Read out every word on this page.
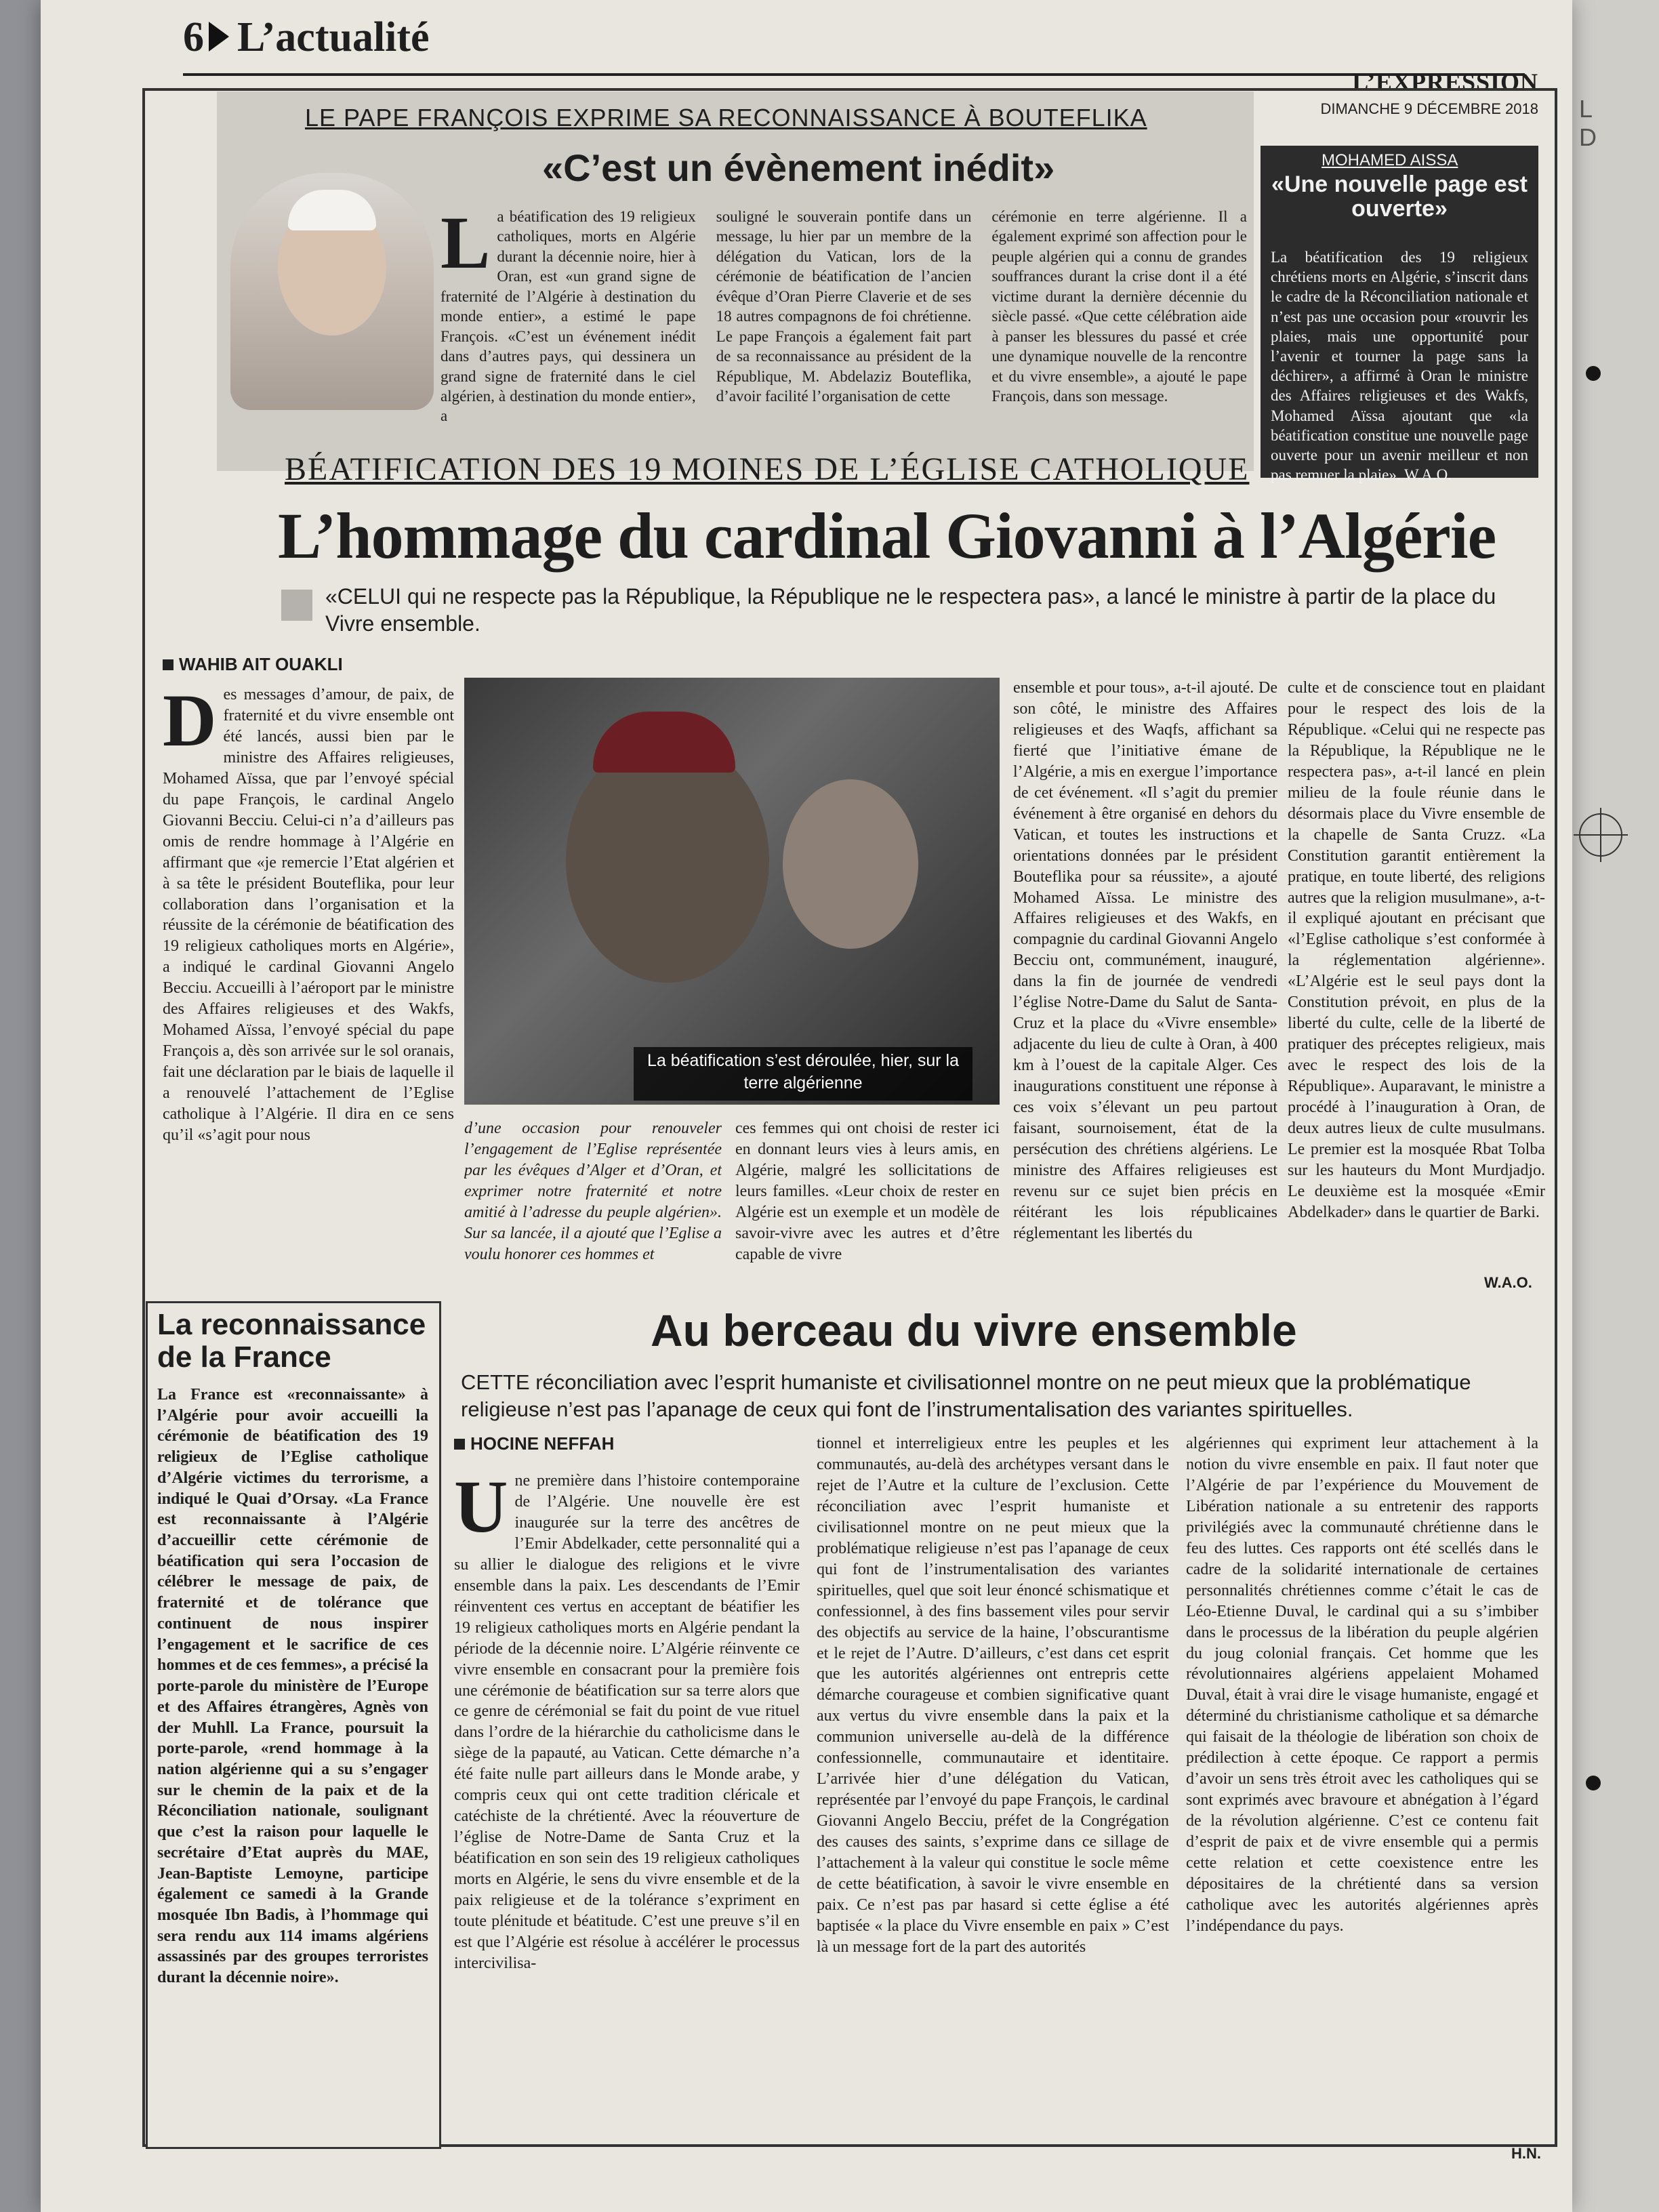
L
D
6 L’actualité
L’EXPRESSION
DIMANCHE 9 DÉCEMBRE 2018
LE PAPE FRANÇOIS EXPRIME SA RECONNAISSANCE À BOUTEFLIKA
«C’est un évènement inédit»
La béatification des 19 religieux catholiques, morts en Algérie durant la décennie noire, hier à Oran, est «un grand signe de fraternité de l’Algérie à destination du monde entier», a estimé le pape François. «C’est un événement inédit dans d’autres pays, qui dessinera un grand signe de fraternité dans le ciel algérien, à destination du monde entier», a
souligné le souverain pontife dans un message, lu hier par un membre de la délégation du Vatican, lors de la cérémonie de béatification de l’ancien évêque d’Oran Pierre Claverie et de ses 18 autres compagnons de foi chrétienne. Le pape François a également fait part de sa reconnaissance au président de la République, M. Abdelaziz Bouteflika, d’avoir facilité l’organisation de cette
cérémonie en terre algérienne. Il a également exprimé son affection pour le peuple algérien qui a connu de grandes souffrances durant la crise dont il a été victime durant la dernière décennie du siècle passé. «Que cette célébration aide à panser les blessures du passé et crée une dynamique nouvelle de la rencontre et du vivre ensemble», a ajouté le pape François, dans son message.
MOHAMED AISSA
«Une nouvelle page est ouverte»
La béatification des 19 religieux chrétiens morts en Algérie, s’inscrit dans le cadre de la Réconciliation nationale et n’est pas une occasion pour «rouvrir les plaies, mais une opportunité pour l’avenir et tourner la page sans la déchirer», a affirmé à Oran le ministre des Affaires religieuses et des Wakfs, Mohamed Aïssa ajoutant que «la béatification constitue une nouvelle page ouverte pour un avenir meilleur et non pas remuer la plaie». W.A.O.
BÉATIFICATION DES 19 MOINES DE L’ÉGLISE CATHOLIQUE
L’hommage du cardinal Giovanni à l’Algérie
«CELUI qui ne respecte pas la République, la République ne le respectera pas», a lancé le ministre à partir de la place du Vivre ensemble.
WAHIB AIT OUAKLI
Des messages d’amour, de paix, de fraternité et du vivre ensemble ont été lancés, aussi bien par le ministre des Affaires religieuses, Mohamed Aïssa, que par l’envoyé spécial du pape François, le cardinal Angelo Giovanni Becciu. Celui-ci n’a d’ailleurs pas omis de rendre hommage à l’Algérie en affirmant que «je remercie l’Etat algérien et à sa tête le président Bouteflika, pour leur collaboration dans l’organisation et la réussite de la cérémonie de béatification des 19 religieux catholiques morts en Algérie», a indiqué le cardinal Giovanni Angelo Becciu. Accueilli à l’aéroport par le ministre des Affaires religieuses et des Wakfs, Mohamed Aïssa, l’envoyé spécial du pape François a, dès son arrivée sur le sol oranais, fait une déclaration par le biais de laquelle il a renouvelé l’attachement de l’Eglise catholique à l’Algérie. Il dira en ce sens qu’il «s’agit pour nous
La béatification s’est déroulée, hier, sur la terre algérienne
d’une occasion pour renouveler l’engagement de l’Eglise représentée par les évêques d’Alger et d’Oran, et exprimer notre fraternité et notre amitié à l’adresse du peuple algérien». Sur sa lancée, il a ajouté que l’Eglise a voulu honorer ces hommes et
ces femmes qui ont choisi de rester ici en donnant leurs vies à leurs amis, en Algérie, malgré les sollicitations de leurs familles. «Leur choix de rester en Algérie est un exemple et un modèle de savoir-vivre avec les autres et d’être capable de vivre
ensemble et pour tous», a-t-il ajouté. De son côté, le ministre des Affaires religieuses et des Waqfs, affichant sa fierté que l’initiative émane de l’Algérie, a mis en exergue l’importance de cet événement. «Il s’agit du premier événement à être organisé en dehors du Vatican, et toutes les instructions et orientations données par le président Bouteflika pour sa réussite», a ajouté Mohamed Aïssa. Le ministre des Affaires religieuses et des Wakfs, en compagnie du cardinal Giovanni Angelo Becciu ont, communément, inauguré, dans la fin de journée de vendredi l’église Notre-Dame du Salut de Santa-Cruz et la place du «Vivre ensemble» adjacente du lieu de culte à Oran, à 400 km à l’ouest de la capitale Alger. Ces inaugurations constituent une réponse à ces voix s’élevant un peu partout faisant, sournoisement, état de la persécution des chrétiens algériens. Le ministre des Affaires religieuses est revenu sur ce sujet bien précis en réitérant les lois républicaines réglementant les libertés du
culte et de conscience tout en plaidant pour le respect des lois de la République. «Celui qui ne respecte pas la République, la République ne le respectera pas», a-t-il lancé en plein milieu de la foule réunie dans le désormais place du Vivre ensemble de la chapelle de Santa Cruzz. «La Constitution garantit entièrement la pratique, en toute liberté, des religions autres que la religion musulmane», a-t-il expliqué ajoutant en précisant que «l’Eglise catholique s’est conformée à la réglementation algérienne». «L’Algérie est le seul pays dont la Constitution prévoit, en plus de la liberté du culte, celle de la liberté de pratiquer des préceptes religieux, mais avec le respect des lois de la République». Auparavant, le ministre a procédé à l’inauguration à Oran, de deux autres lieux de culte musulmans. Le premier est la mosquée Rbat Tolba sur les hauteurs du Mont Murdjadjo. Le deuxième est la mosquée «Emir Abdelkader» dans le quartier de Barki.
W.A.O.
La reconnaissance de la France
La France est «reconnaissante» à l’Algérie pour avoir accueilli la cérémonie de béatification des 19 religieux de l’Eglise catholique d’Algérie victimes du terrorisme, a indiqué le Quai d’Orsay. «La France est reconnaissante à l’Algérie d’accueillir cette cérémonie de béatification qui sera l’occasion de célébrer le message de paix, de fraternité et de tolérance que continuent de nous inspirer l’engagement et le sacrifice de ces hommes et de ces femmes», a précisé la porte-parole du ministère de l’Europe et des Affaires étrangères, Agnès von der Muhll. La France, poursuit la porte-parole, «rend hommage à la nation algérienne qui a su s’engager sur le chemin de la paix et de la Réconciliation nationale, soulignant que c’est la raison pour laquelle le secrétaire d’Etat auprès du MAE, Jean-Baptiste Lemoyne, participe également ce samedi à la Grande mosquée Ibn Badis, à l’hommage qui sera rendu aux 114 imams algériens assassinés par des groupes terroristes durant la décennie noire».
Au berceau du vivre ensemble
CETTE réconciliation avec l’esprit humaniste et civilisationnel montre on ne peut mieux que la problématique religieuse n’est pas l’apanage de ceux qui font de l’instrumentalisation des variantes spirituelles.
HOCINE NEFFAH
Une première dans l’histoire contemporaine de l’Algérie. Une nouvelle ère est inaugurée sur la terre des ancêtres de l’Emir Abdelkader, cette personnalité qui a su allier le dialogue des religions et le vivre ensemble dans la paix. Les descendants de l’Emir réinventent ces vertus en acceptant de béatifier les 19 religieux catholiques morts en Algérie pendant la période de la décennie noire. L’Algérie réinvente ce vivre ensemble en consacrant pour la première fois une cérémonie de béatification sur sa terre alors que ce genre de cérémonial se fait du point de vue rituel dans l’ordre de la hiérarchie du catholicisme dans le siège de la papauté, au Vatican. Cette démarche n’a été faite nulle part ailleurs dans le Monde arabe, y compris ceux qui ont cette tradition cléricale et catéchiste de la chrétienté. Avec la réouverture de l’église de Notre-Dame de Santa Cruz et la béatification en son sein des 19 religieux catholiques morts en Algérie, le sens du vivre ensemble et de la paix religieuse et de la tolérance s’expriment en toute plénitude et béatitude. C’est une preuve s’il en est que l’Algérie est résolue à accélérer le processus intercivilisa-
tionnel et interreligieux entre les peuples et les communautés, au-delà des archétypes versant dans le rejet de l’Autre et la culture de l’exclusion. Cette réconciliation avec l’esprit humaniste et civilisationnel montre on ne peut mieux que la problématique religieuse n’est pas l’apanage de ceux qui font de l’instrumentalisation des variantes spirituelles, quel que soit leur énoncé schismatique et confessionnel, à des fins bassement viles pour servir des objectifs au service de la haine, l’obscurantisme et le rejet de l’Autre. D’ailleurs, c’est dans cet esprit que les autorités algériennes ont entrepris cette démarche courageuse et combien significative quant aux vertus du vivre ensemble dans la paix et la communion universelle au-delà de la différence confessionnelle, communautaire et identitaire. L’arrivée hier d’une délégation du Vatican, représentée par l’envoyé du pape François, le cardinal Giovanni Angelo Becciu, préfet de la Congrégation des causes des saints, s’exprime dans ce sillage de l’attachement à la valeur qui constitue le socle même de cette béatification, à savoir le vivre ensemble en paix. Ce n’est pas par hasard si cette église a été baptisée « la place du Vivre ensemble en paix » C’est là un message fort de la part des autorités
algériennes qui expriment leur attachement à la notion du vivre ensemble en paix. Il faut noter que l’Algérie de par l’expérience du Mouvement de Libération nationale a su entretenir des rapports privilégiés avec la communauté chrétienne dans le feu des luttes. Ces rapports ont été scellés dans le cadre de la solidarité internationale de certaines personnalités chrétiennes comme c’était le cas de Léo-Etienne Duval, le cardinal qui a su s’imbiber dans le processus de la libération du peuple algérien du joug colonial français. Cet homme que les révolutionnaires algériens appelaient Mohamed Duval, était à vrai dire le visage humaniste, engagé et déterminé du christianisme catholique et sa démarche qui faisait de la théologie de libération son choix de prédilection à cette époque. Ce rapport a permis d’avoir un sens très étroit avec les catholiques qui se sont exprimés avec bravoure et abnégation à l’égard de la révolution algérienne. C’est ce contenu fait d’esprit de paix et de vivre ensemble qui a permis cette relation et cette coexistence entre les dépositaires de la chrétienté dans sa version catholique avec les autorités algériennes après l’indépendance du pays.
H.N.
